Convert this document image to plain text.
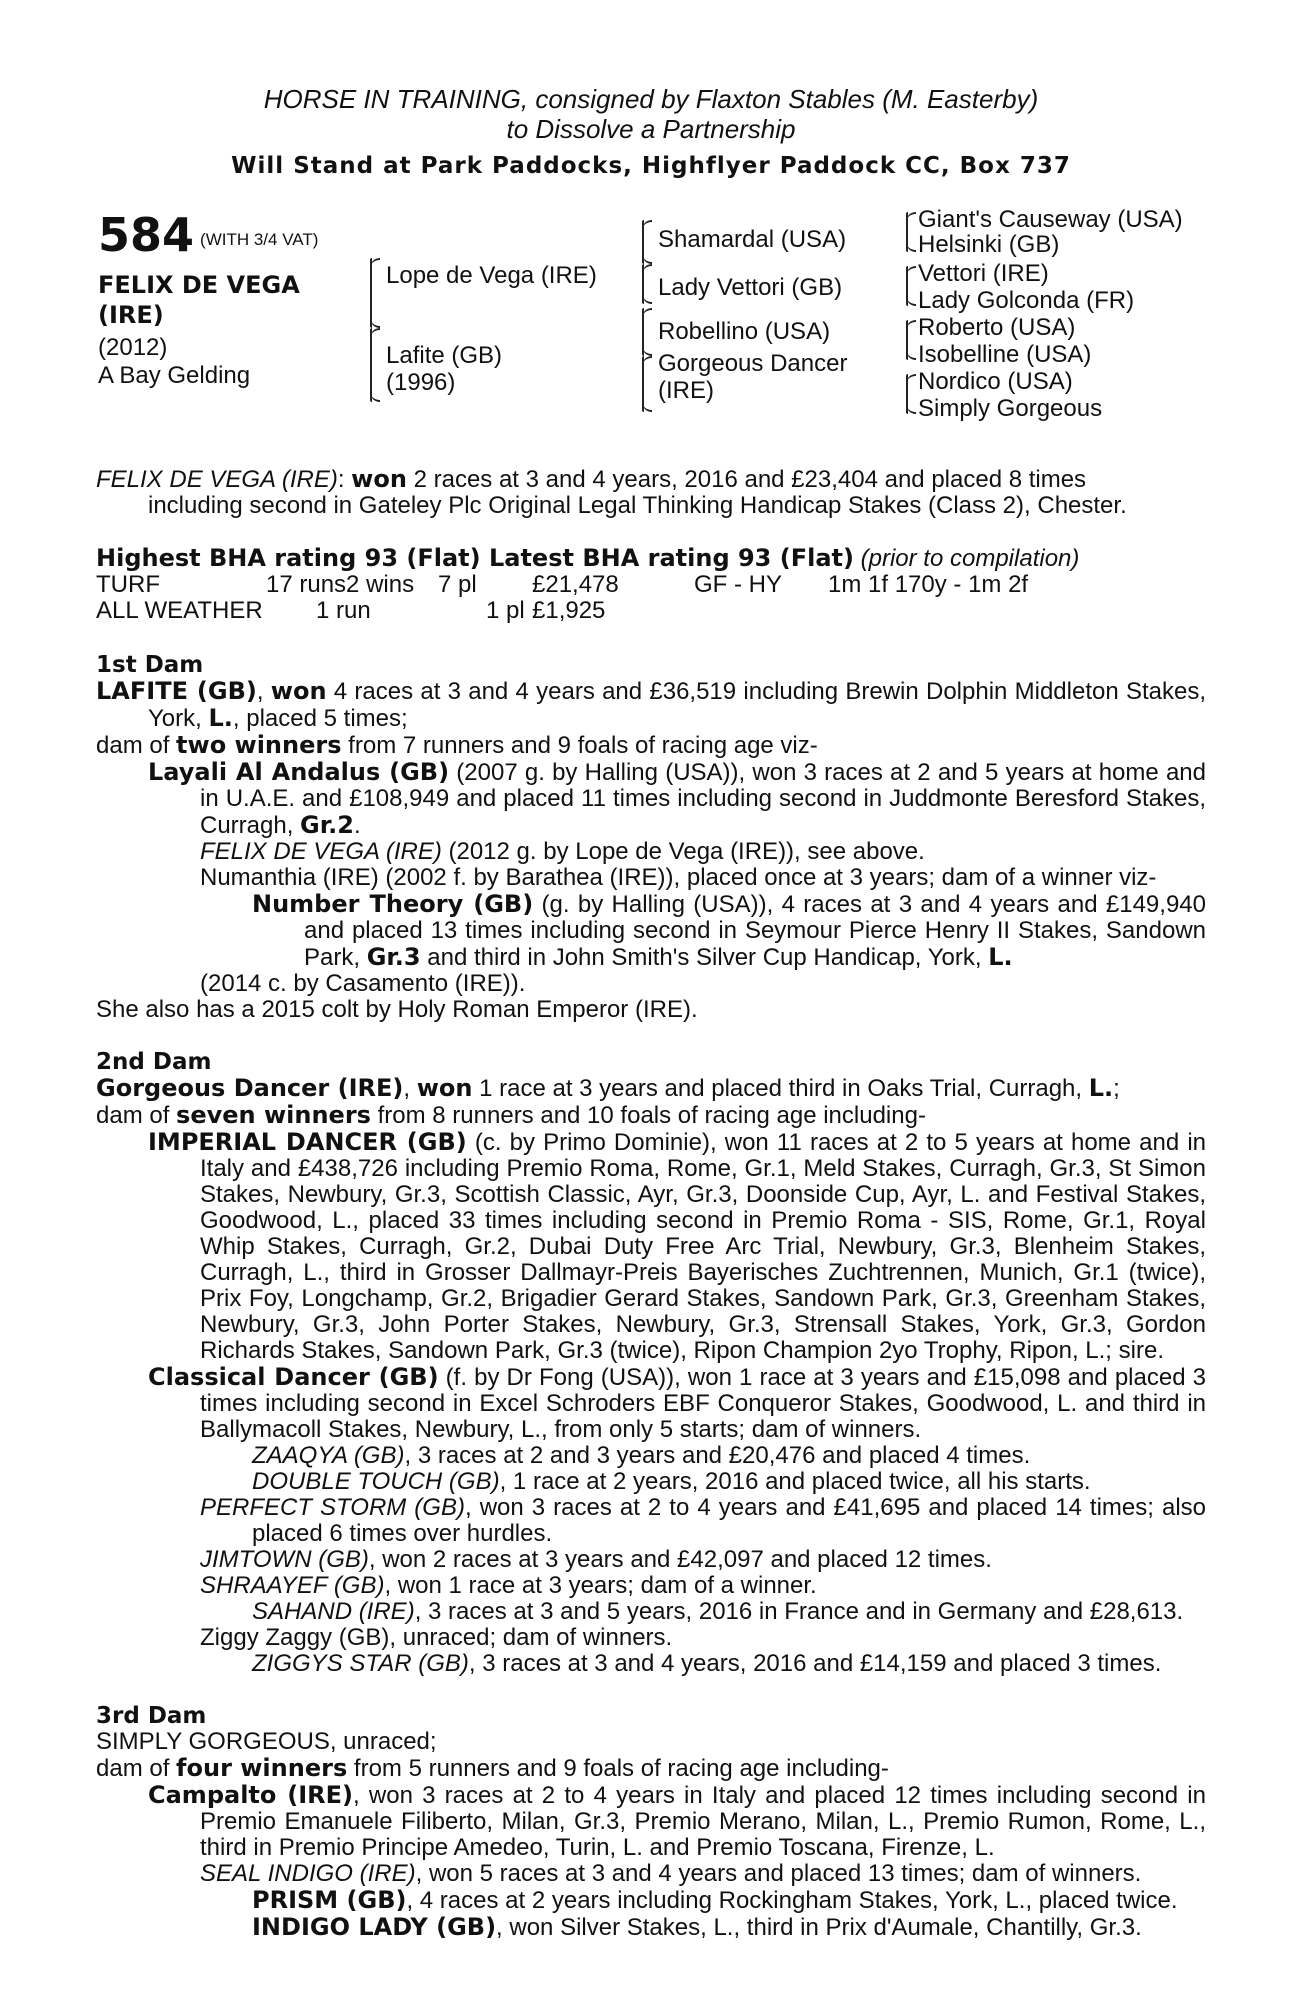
HORSE IN TRAINING, consigned by Flaxton Stables (M. Easterby)
to Dissolve a Partnership
Will Stand at Park Paddocks, Highflyer Paddock CC, Box 737
584 $^{(WITH 3/4 VAT)}$
FELIX DE VEGA
(IRE)
(2012)
A Bay Gelding
Lope de Vega (IRE)
Lafite (GB)
(1996)
Shamardal (USA)
Lady Vettori (GB)
Robellino (USA)
Gorgeous Dancer
(IRE)
Giant's Causeway (USA)
Helsinki (GB)
Vettori (IRE)
Lady Golconda (FR)
Roberto (USA)
Isobelline (USA)
Nordico (USA)
Simply Gorgeous
FELIX DE VEGA (IRE): won 2 races at 3 and 4 years, 2016 and £23,404 and placed 8 times
including second in Gateley Plc Original Legal Thinking Handicap Stakes (Class 2), Chester.
Highest BHA rating 93 (Flat) Latest BHA rating 93 (Flat) (prior to compilation)
TURF	17 runs2 wins 7 pl	£21,478	GF - HY	1m 1f 170y - 1m 2f
ALL WEATHER	1 run	1 pl £1,925
1st Dam
LAFITE (GB), won 4 races at 3 and 4 years and £36,519 including Brewin Dolphin Middleton Stakes, York, L., placed 5 times;
dam of two winners from 7 runners and 9 foals of racing age viz-
Layali Al Andalus (GB) (2007 g. by Halling (USA)), won 3 races at 2 and 5 years at home and in U.A.E. and £108,949 and placed 11 times including second in Juddmonte Beresford Stakes, Curragh, Gr.2.
FELIX DE VEGA (IRE) (2012 g. by Lope de Vega (IRE)), see above.
Numanthia (IRE) (2002 f. by Barathea (IRE)), placed once at 3 years; dam of a winner viz-
Number Theory (GB) (g. by Halling (USA)), 4 races at 3 and 4 years and £149,940 and placed 13 times including second in Seymour Pierce Henry II Stakes, Sandown Park, Gr.3 and third in John Smith's Silver Cup Handicap, York, L.
(2014 c. by Casamento (IRE)).
She also has a 2015 colt by Holy Roman Emperor (IRE).
2nd Dam
Gorgeous Dancer (IRE), won 1 race at 3 years and placed third in Oaks Trial, Curragh, L.;
dam of seven winners from 8 runners and 10 foals of racing age including-
IMPERIAL DANCER (GB) (c. by Primo Dominie), won 11 races at 2 to 5 years at home and in Italy and £438,726 including Premio Roma, Rome, Gr.1, Meld Stakes, Curragh, Gr.3, St Simon Stakes, Newbury, Gr.3, Scottish Classic, Ayr, Gr.3, Doonside Cup, Ayr, L. and Festival Stakes, Goodwood, L., placed 33 times including second in Premio Roma - SIS, Rome, Gr.1, Royal Whip Stakes, Curragh, Gr.2, Dubai Duty Free Arc Trial, Newbury, Gr.3, Blenheim Stakes, Curragh, L., third in Grosser Dallmayr-Preis Bayerisches Zuchtrennen, Munich, Gr.1 (twice), Prix Foy, Longchamp, Gr.2, Brigadier Gerard Stakes, Sandown Park, Gr.3, Greenham Stakes, Newbury, Gr.3, John Porter Stakes, Newbury, Gr.3, Strensall Stakes, York, Gr.3, Gordon Richards Stakes, Sandown Park, Gr.3 (twice), Ripon Champion 2yo Trophy, Ripon, L.; sire.
Classical Dancer (GB) (f. by Dr Fong (USA)), won 1 race at 3 years and £15,098 and placed 3 times including second in Excel Schroders EBF Conqueror Stakes, Goodwood, L. and third in Ballymacoll Stakes, Newbury, L., from only 5 starts; dam of winners.
ZAAQYA (GB), 3 races at 2 and 3 years and £20,476 and placed 4 times.
DOUBLE TOUCH (GB), 1 race at 2 years, 2016 and placed twice, all his starts.
PERFECT STORM (GB), won 3 races at 2 to 4 years and £41,695 and placed 14 times; also placed 6 times over hurdles.
JIMTOWN (GB), won 2 races at 3 years and £42,097 and placed 12 times.
SHRAAYEF (GB), won 1 race at 3 years; dam of a winner.
SAHAND (IRE), 3 races at 3 and 5 years, 2016 in France and in Germany and £28,613.
Ziggy Zaggy (GB), unraced; dam of winners.
ZIGGYS STAR (GB), 3 races at 3 and 4 years, 2016 and £14,159 and placed 3 times.
3rd Dam
SIMPLY GORGEOUS, unraced;
dam of four winners from 5 runners and 9 foals of racing age including-
Campalto (IRE), won 3 races at 2 to 4 years in Italy and placed 12 times including second in Premio Emanuele Filiberto, Milan, Gr.3, Premio Merano, Milan, L., Premio Rumon, Rome, L., third in Premio Principe Amedeo, Turin, L. and Premio Toscana, Firenze, L.
SEAL INDIGO (IRE), won 5 races at 3 and 4 years and placed 13 times; dam of winners.
PRISM (GB), 4 races at 2 years including Rockingham Stakes, York, L., placed twice.
INDIGO LADY (GB), won Silver Stakes, L., third in Prix d'Aumale, Chantilly, Gr.3.
